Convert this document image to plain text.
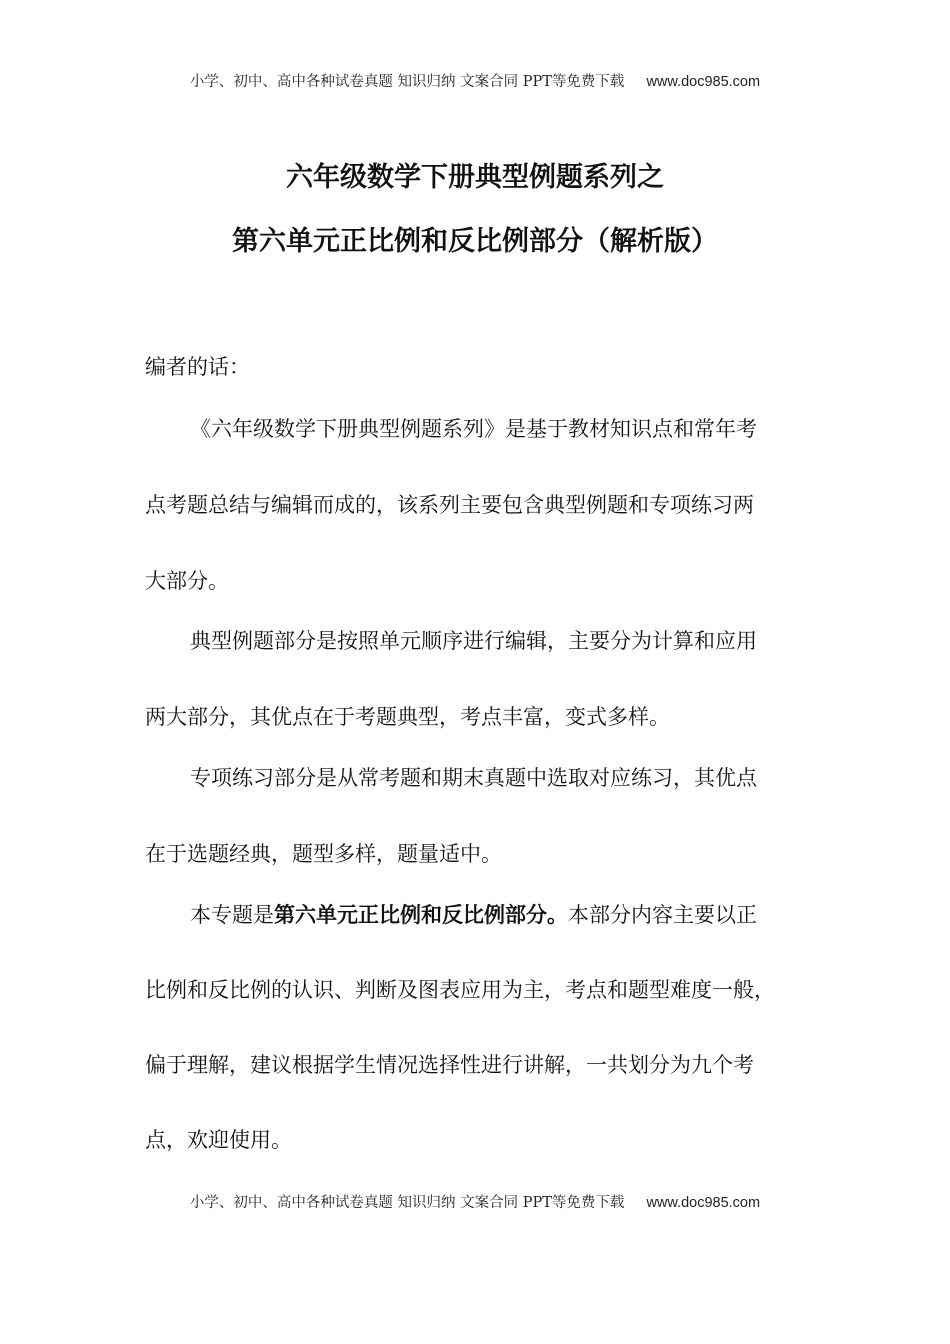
小学、初中、高中各种试卷真题 知识归纳 文案合同 PPT等免费下载 www.doc985.com
六年级数学下册典型例题系列之
第六单元正比例和反比例部分（解析版）
编者的话：
《六年级数学下册典型例题系列》是基于教材知识点和常年考
点考题总结与编辑而成的，该系列主要包含典型例题和专项练习两
大部分。
典型例题部分是按照单元顺序进行编辑，主要分为计算和应用
两大部分，其优点在于考题典型，考点丰富，变式多样。
专项练习部分是从常考题和期末真题中选取对应练习，其优点
在于选题经典，题型多样，题量适中。
本专题是第六单元正比例和反比例部分。本部分内容主要以正
比例和反比例的认识、判断及图表应用为主，考点和题型难度一般，
偏于理解，建议根据学生情况选择性进行讲解，一共划分为九个考
点，欢迎使用。
小学、初中、高中各种试卷真题 知识归纳 文案合同 PPT等免费下载 www.doc985.com
